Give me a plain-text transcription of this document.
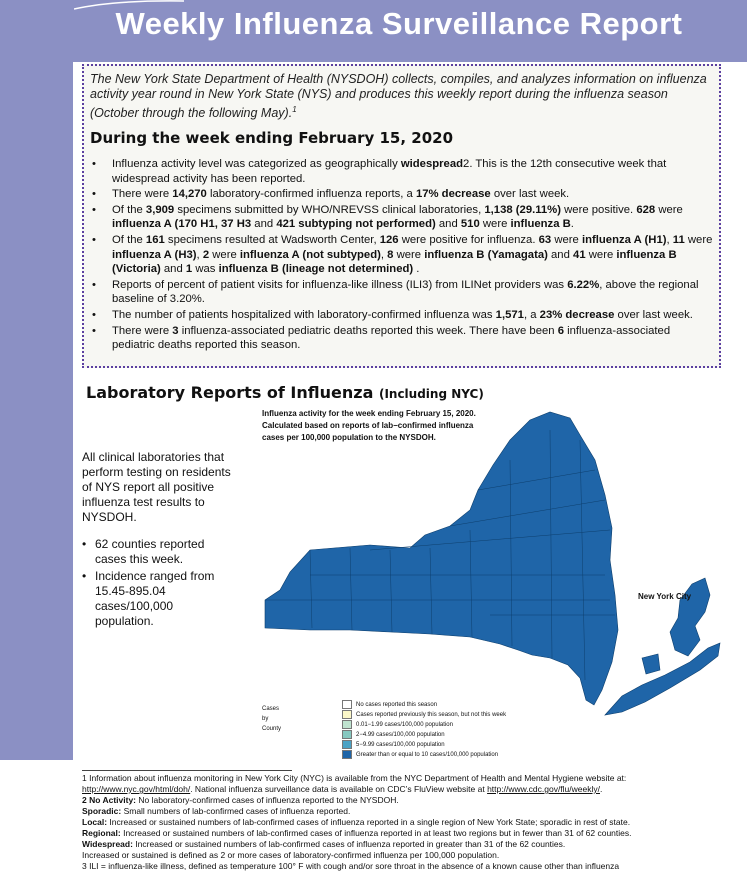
Weekly Influenza Surveillance Report
The New York State Department of Health (NYSDOH) collects, compiles, and analyzes information on influenza activity year round in New York State (NYS) and produces this weekly report during the influenza season (October through the following May).$^1$
During the week ending February 15, 2020
• Influenza activity level was categorized as geographically widespread2. This is the 12th consecutive week that widespread activity has been reported.
• There were 14,270 laboratory-confirmed influenza reports, a 17% decrease over last week.
• Of the 3,909 specimens submitted by WHO/NREVSS clinical laboratories, 1,138 (29.11%) were positive. 628 were influenza A (170 H1, 37 H3 and 421 subtyping not performed) and 510 were influenza B.
• Of the 161 specimens resulted at Wadsworth Center, 126 were positive for influenza. 63 were influenza A (H1), 11 were influenza A (H3), 2 were influenza A (not subtyped), 8 were influenza B (Yamagata) and 41 were influenza B (Victoria) and 1 was influenza B (lineage not determined) .
• Reports of percent of patient visits for influenza-like illness (ILI3) from ILINet providers was 6.22%, above the regional baseline of 3.20%.
• The number of patients hospitalized with laboratory-confirmed influenza was 1,571, a 23% decrease over last week.
• There were 3 influenza-associated pediatric deaths reported this week. There have been 6 influenza-associated pediatric deaths reported this season.
Laboratory Reports of Influenza (Including NYC)
All clinical laboratories that perform testing on residents of NYS report all positive influenza test results to NYSDOH.
• 62 counties reported cases this week.
• Incidence ranged from 15.45-895.04 cases/100,000 population.
Influenza activity for the week ending February 15, 2020.
Calculated based on reports of lab−confirmed influenza
cases per 100,000 population to the NYSDOH.
New York City
Cases by County
No cases reported this season
Cases reported previously this season, but not this week
0.01−1.99 cases/100,000 population
2−4.99 cases/100,000 population
5−9.99 cases/100,000 population
Greater than or equal to 10 cases/100,000 population

1 Information about influenza monitoring in New York City (NYC) is available from the NYC Department of Health and Mental Hygiene website at: http://www.nyc.gov/html/doh/. National influenza surveillance data is available on CDC’s FluView website at http://www.cdc.gov/flu/weekly/.

2 No Activity: No laboratory-confirmed cases of influenza reported to the NYSDOH.

Sporadic: Small numbers of lab-confirmed cases of influenza reported.

Local: Increased or sustained numbers of lab-confirmed cases of influenza reported in a single region of New York State; sporadic in rest of state.

Regional: Increased or sustained numbers of lab-confirmed cases of influenza reported in at least two regions but in fewer than 31 of 62 counties.

Widespread: Increased or sustained numbers of lab-confirmed cases of influenza reported in greater than 31 of the 62 counties.

Increased or sustained is defined as 2 or more cases of laboratory-confirmed influenza per 100,000 population.

3 ILI = influenza-like illness, defined as temperature 100° F with cough and/or sore throat in the absence of a known cause other than influenza
